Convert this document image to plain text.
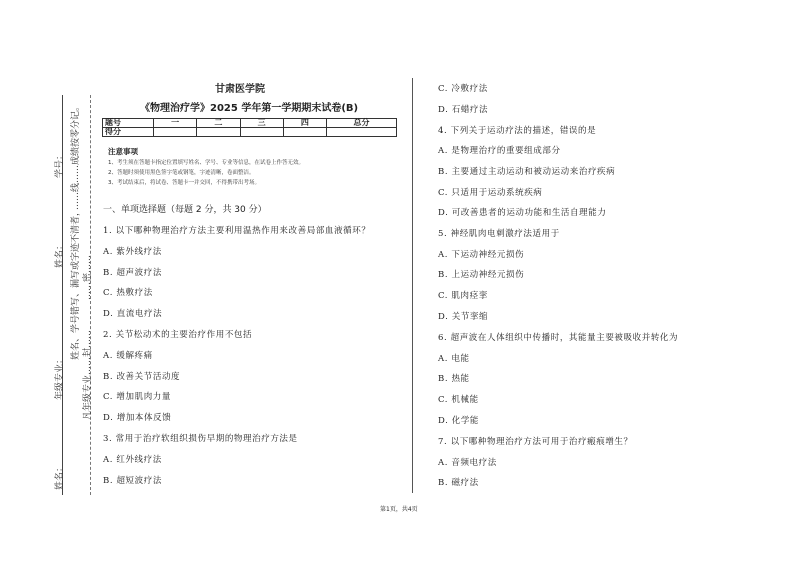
学号：
姓名：
年级专业：
姓名：
……线……成绩按零分记。
姓名、学号错写、漏写或字迹不清者，
凡年级专业……封……
……密……
甘肃医学院
《物理治疗学》2025 学年第一学期期末试卷(B)
题号	一	二	三	四	总分
得分					
注意事项
1、考生须在答题卡指定位置填写姓名、学号、专业等信息，在试卷上作答无效。
2、答题时须使用黑色签字笔或钢笔，字迹清晰，卷面整洁。
3、考试结束后，将试卷、答题卡一并交回，不得携带出考场。
一、单项选择题（每题 2 分，共 30 分）
1. 以下哪种物理治疗方法主要利用温热作用来改善局部血液循环？
A. 紫外线疗法
B. 超声波疗法
C. 热敷疗法
D. 直流电疗法
2. 关节松动术的主要治疗作用不包括
A. 缓解疼痛
B. 改善关节活动度
C. 增加肌肉力量
D. 增加本体反馈
3. 常用于治疗软组织损伤早期的物理治疗方法是
A. 红外线疗法
B. 超短波疗法
C. 冷敷疗法
D. 石蜡疗法
4. 下列关于运动疗法的描述，错误的是
A. 是物理治疗的重要组成部分
B. 主要通过主动运动和被动运动来治疗疾病
C. 只适用于运动系统疾病
D. 可改善患者的运动功能和生活自理能力
5. 神经肌肉电刺激疗法适用于
A. 下运动神经元损伤
B. 上运动神经元损伤
C. 肌肉痉挛
D. 关节挛缩
6. 超声波在人体组织中传播时，其能量主要被吸收并转化为
A. 电能
B. 热能
C. 机械能
D. 化学能
7. 以下哪种物理治疗方法可用于治疗瘢痕增生？
A. 音频电疗法
B. 磁疗法
第1页，共4页
